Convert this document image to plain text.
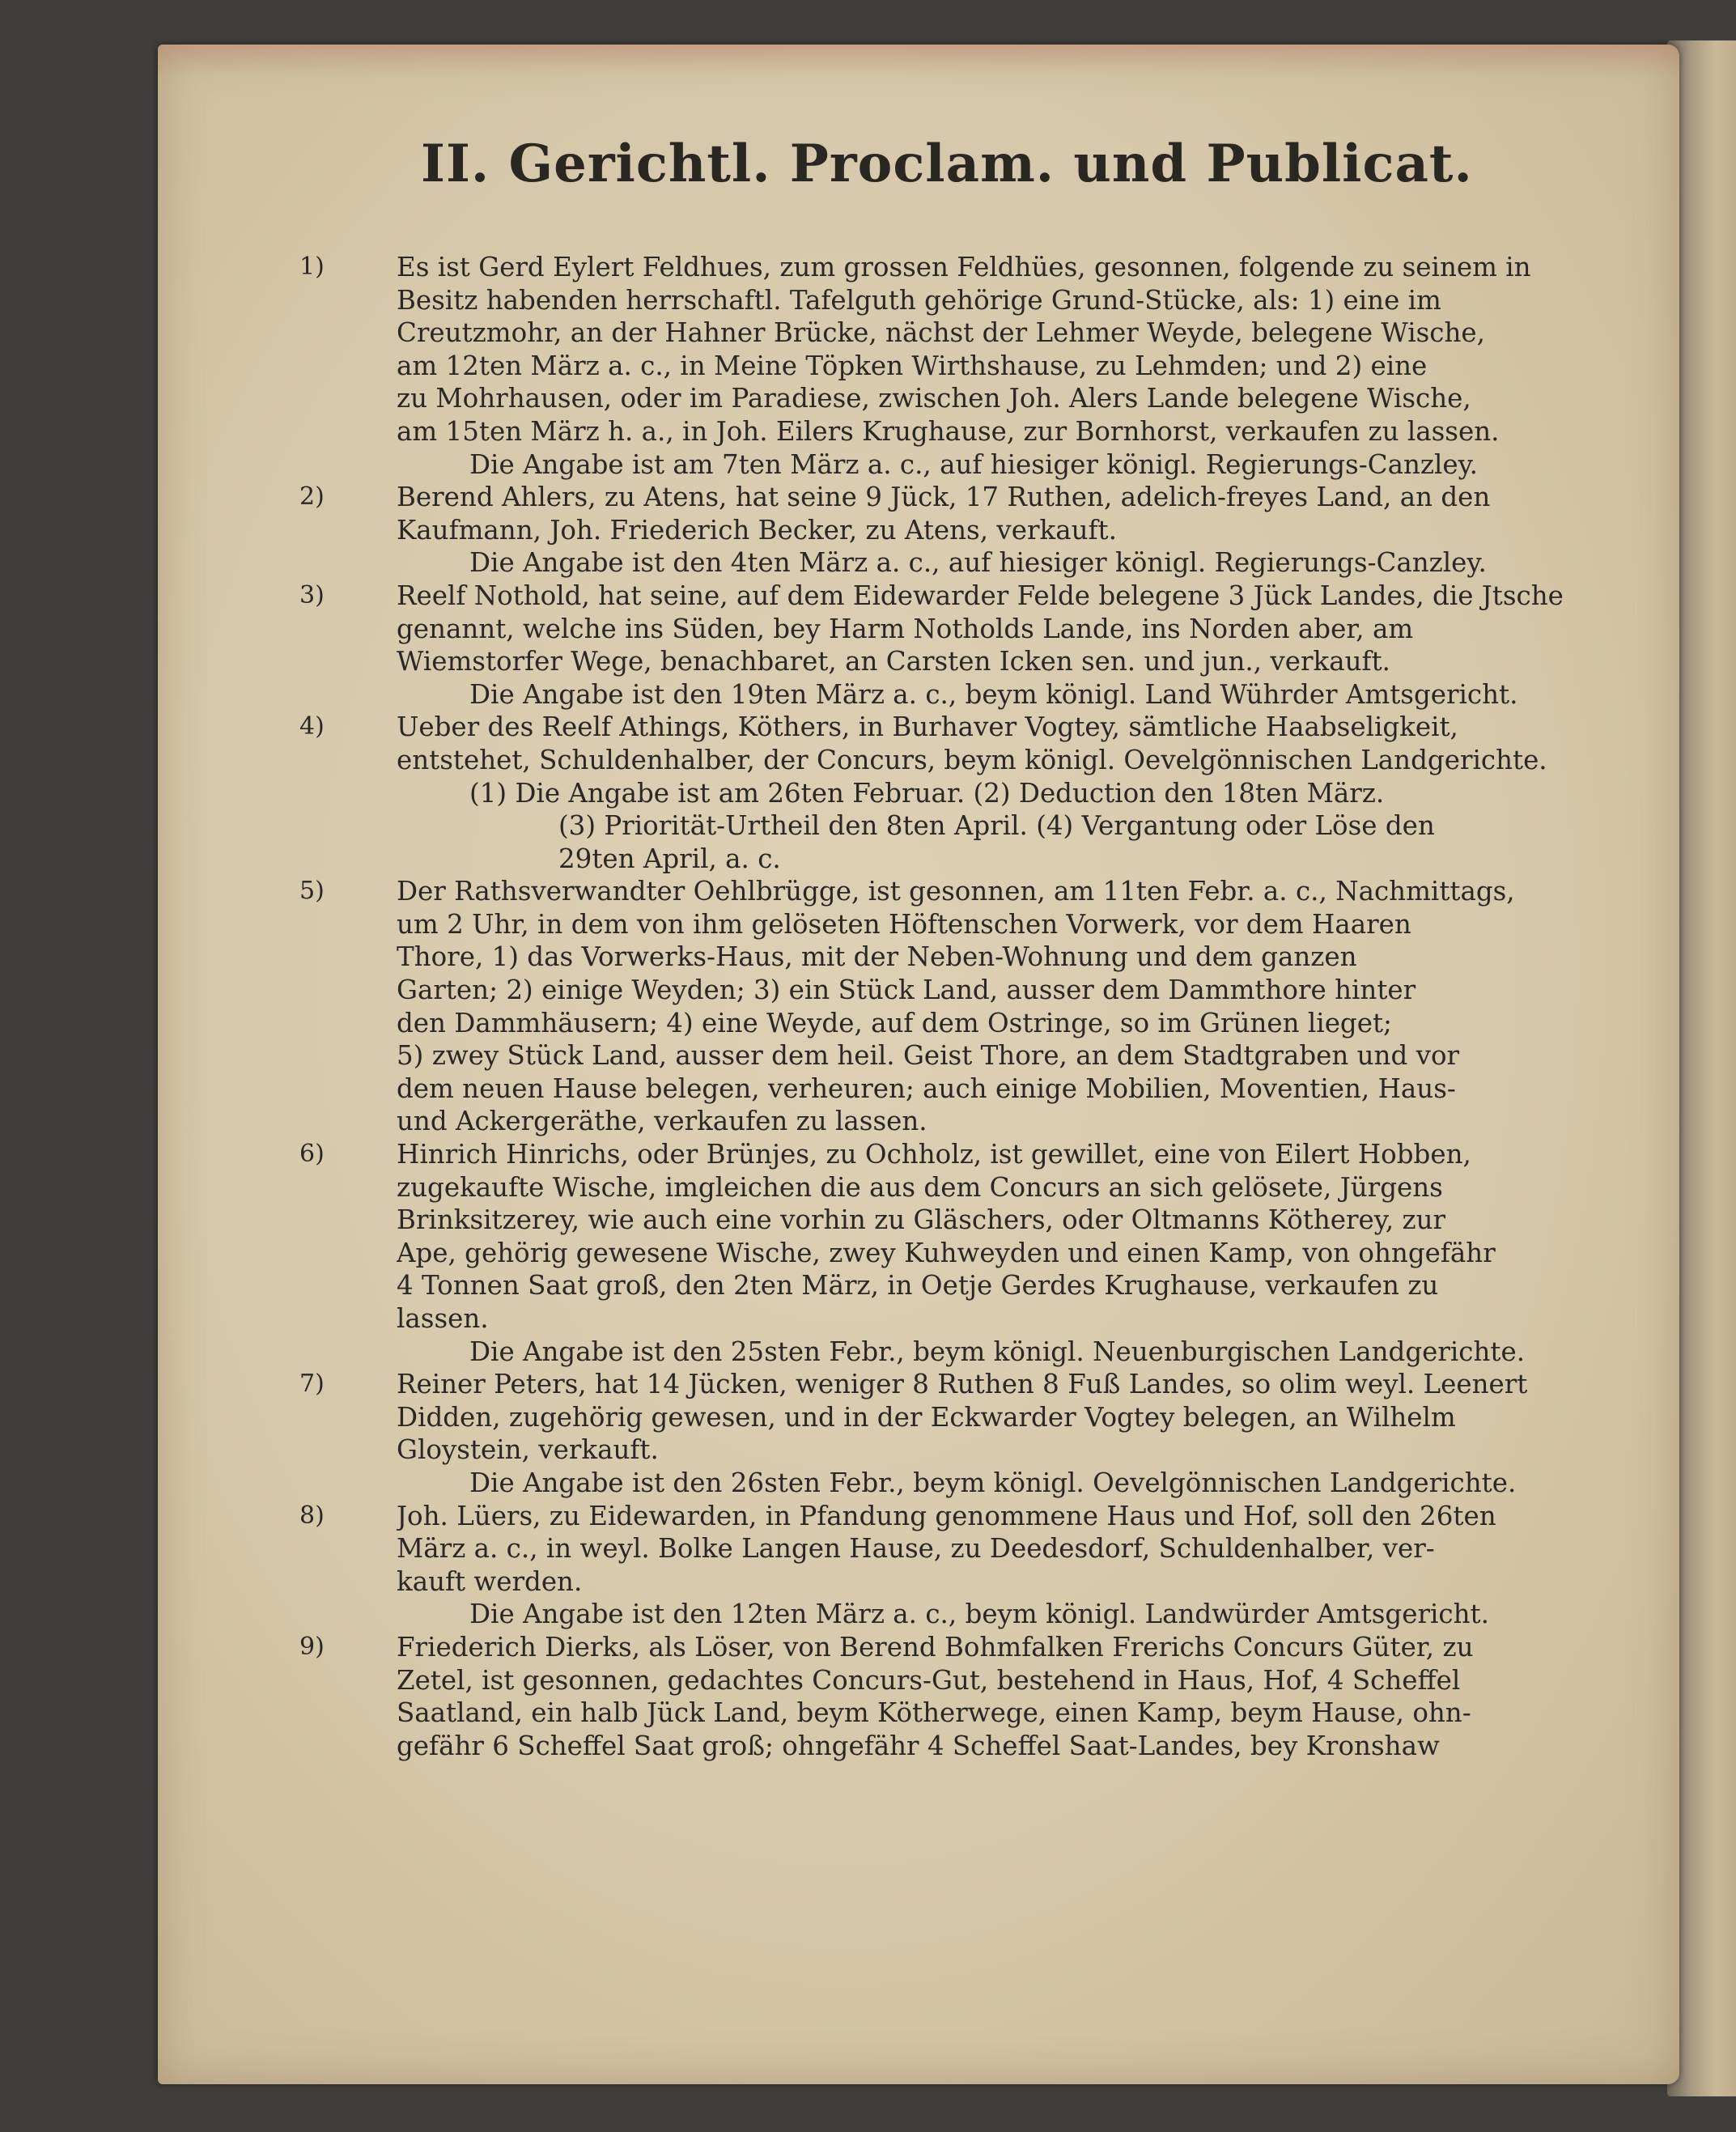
II. Gerichtl. Proclam. und Publicat.
1)	Es ist Gerd Eylert Feldhues, zum grossen Feldhües, gesonnen, folgende zu seinem in
Besitz habenden herrschaftl. Tafelguth gehörige Grund-Stücke, als: 1) eine im
Creutzmohr, an der Hahner Brücke, nächst der Lehmer Weyde, belegene Wische,
am 12ten März a. c., in Meine Töpken Wirthshause, zu Lehmden; und 2) eine
zu Mohrhausen, oder im Paradiese, zwischen Joh. Alers Lande belegene Wische,
am 15ten März h. a., in Joh. Eilers Krughause, zur Bornhorst, verkaufen zu lassen.
Die Angabe ist am 7ten März a. c., auf hiesiger königl. Regierungs-Canzley.
2)	Berend Ahlers, zu Atens, hat seine 9 Jück, 17 Ruthen, adelich-freyes Land, an den
Kaufmann, Joh. Friederich Becker, zu Atens, verkauft.
Die Angabe ist den 4ten März a. c., auf hiesiger königl. Regierungs-Canzley.
3)	Reelf Nothold, hat seine, auf dem Eidewarder Felde belegene 3 Jück Landes, die Jtsche
genannt, welche ins Süden, bey Harm Notholds Lande, ins Norden aber, am
Wiemstorfer Wege, benachbaret, an Carsten Icken sen. und jun., verkauft.
Die Angabe ist den 19ten März a. c., beym königl. Land Wührder Amtsgericht.
4)	Ueber des Reelf Athings, Köthers, in Burhaver Vogtey, sämtliche Haabseligkeit,
entstehet, Schuldenhalber, der Concurs, beym königl. Oevelgönnischen Landgerichte.
(1) Die Angabe ist am 26ten Februar. (2) Deduction den 18ten März.
(3) Priorität-Urtheil den 8ten April. (4) Vergantung oder Löse den
29ten April, a. c.
5)	Der Rathsverwandter Oehlbrügge, ist gesonnen, am 11ten Febr. a. c., Nachmittags,
um 2 Uhr, in dem von ihm gelöseten Höftenschen Vorwerk, vor dem Haaren
Thore, 1) das Vorwerks-Haus, mit der Neben-Wohnung und dem ganzen
Garten; 2) einige Weyden; 3) ein Stück Land, ausser dem Dammthore hinter
den Dammhäusern; 4) eine Weyde, auf dem Ostringe, so im Grünen lieget;
5) zwey Stück Land, ausser dem heil. Geist Thore, an dem Stadtgraben und vor
dem neuen Hause belegen, verheuren; auch einige Mobilien, Moventien, Haus-
und Ackergeräthe, verkaufen zu lassen.
6)	Hinrich Hinrichs, oder Brünjes, zu Ochholz, ist gewillet, eine von Eilert Hobben,
zugekaufte Wische, imgleichen die aus dem Concurs an sich gelösete, Jürgens
Brinksitzerey, wie auch eine vorhin zu Gläschers, oder Oltmanns Kötherey, zur
Ape, gehörig gewesene Wische, zwey Kuhweyden und einen Kamp, von ohngefähr
4 Tonnen Saat groß, den 2ten März, in Oetje Gerdes Krughause, verkaufen zu
lassen.
Die Angabe ist den 25sten Febr., beym königl. Neuenburgischen Landgerichte.
7)	Reiner Peters, hat 14 Jücken, weniger 8 Ruthen 8 Fuß Landes, so olim weyl. Leenert
Didden, zugehörig gewesen, und in der Eckwarder Vogtey belegen, an Wilhelm
Gloystein, verkauft.
Die Angabe ist den 26sten Febr., beym königl. Oevelgönnischen Landgerichte.
8)	Joh. Lüers, zu Eidewarden, in Pfandung genommene Haus und Hof, soll den 26ten
März a. c., in weyl. Bolke Langen Hause, zu Deedesdorf, Schuldenhalber, ver-
kauft werden.
Die Angabe ist den 12ten März a. c., beym königl. Landwürder Amtsgericht.
9)	Friederich Dierks, als Löser, von Berend Bohmfalken Frerichs Concurs Güter, zu
Zetel, ist gesonnen, gedachtes Concurs-Gut, bestehend in Haus, Hof, 4 Scheffel
Saatland, ein halb Jück Land, beym Kötherwege, einen Kamp, beym Hause, ohn-
gefähr 6 Scheffel Saat groß; ohngefähr 4 Scheffel Saat-Landes, bey Kronshaw
